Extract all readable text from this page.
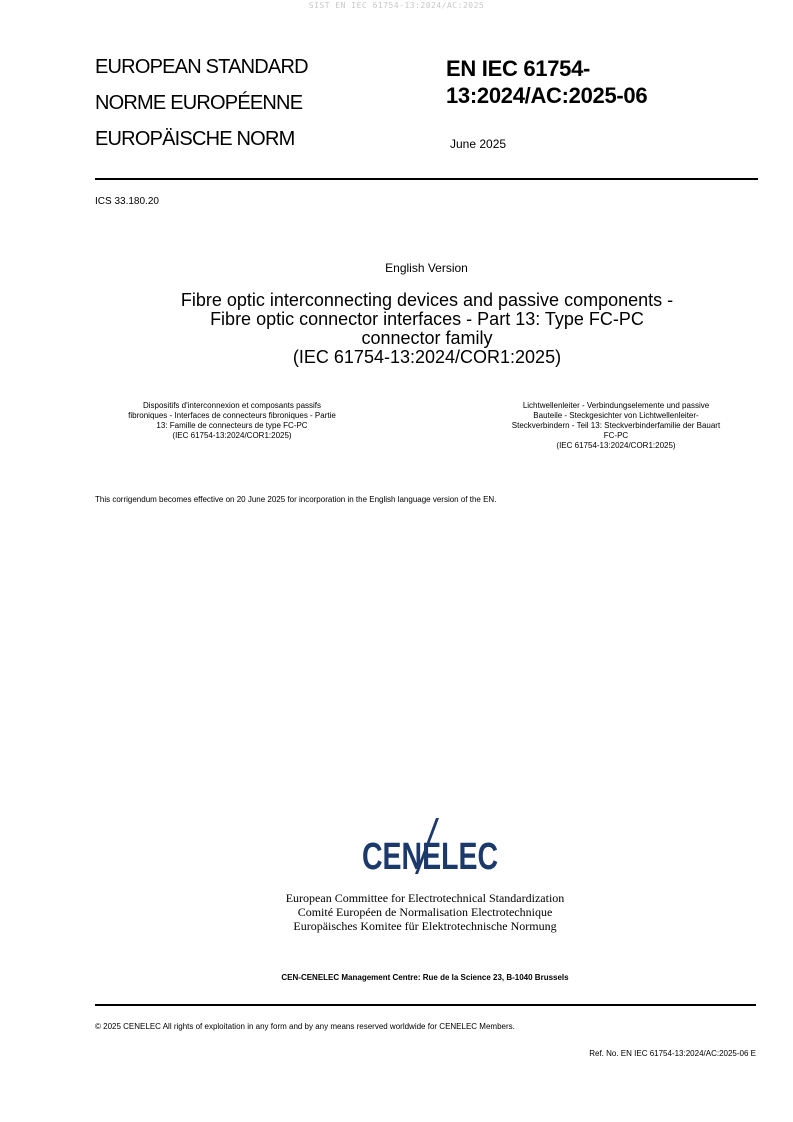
SIST EN IEC 61754-13:2024/AC:2025
EUROPEAN STANDARD
NORME EUROPÉENNE
EUROPÄISCHE NORM
EN IEC 61754-
13:2024/AC:2025-06
June 2025
ICS 33.180.20
English Version
Fibre optic interconnecting devices and passive components -
Fibre optic connector interfaces - Part 13: Type FC-PC
connector family
(IEC 61754-13:2024/COR1:2025)
Dispositifs d'interconnexion et composants passifs
fibroniques - Interfaces de connecteurs fibroniques - Partie
13: Famille de connecteurs de type FC-PC
(IEC 61754-13:2024/COR1:2025)
Lichtwellenleiter - Verbindungselemente und passive
Bauteile - Steckgesichter von Lichtwellenleiter-
Steckverbindern - Teil 13: Steckverbinderfamilie der Bauart
FC-PC
(IEC 61754-13:2024/COR1:2025)
This corrigendum becomes effective on 20 June 2025 for incorporation in the English language version of the EN.
CENELEC
European Committee for Electrotechnical Standardization
Comité Européen de Normalisation Electrotechnique
Europäisches Komitee für Elektrotechnische Normung
CEN-CENELEC Management Centre: Rue de la Science 23, B-1040 Brussels
© 2025 CENELEC All rights of exploitation in any form and by any means reserved worldwide for CENELEC Members.
Ref. No. EN IEC 61754-13:2024/AC:2025-06 E
